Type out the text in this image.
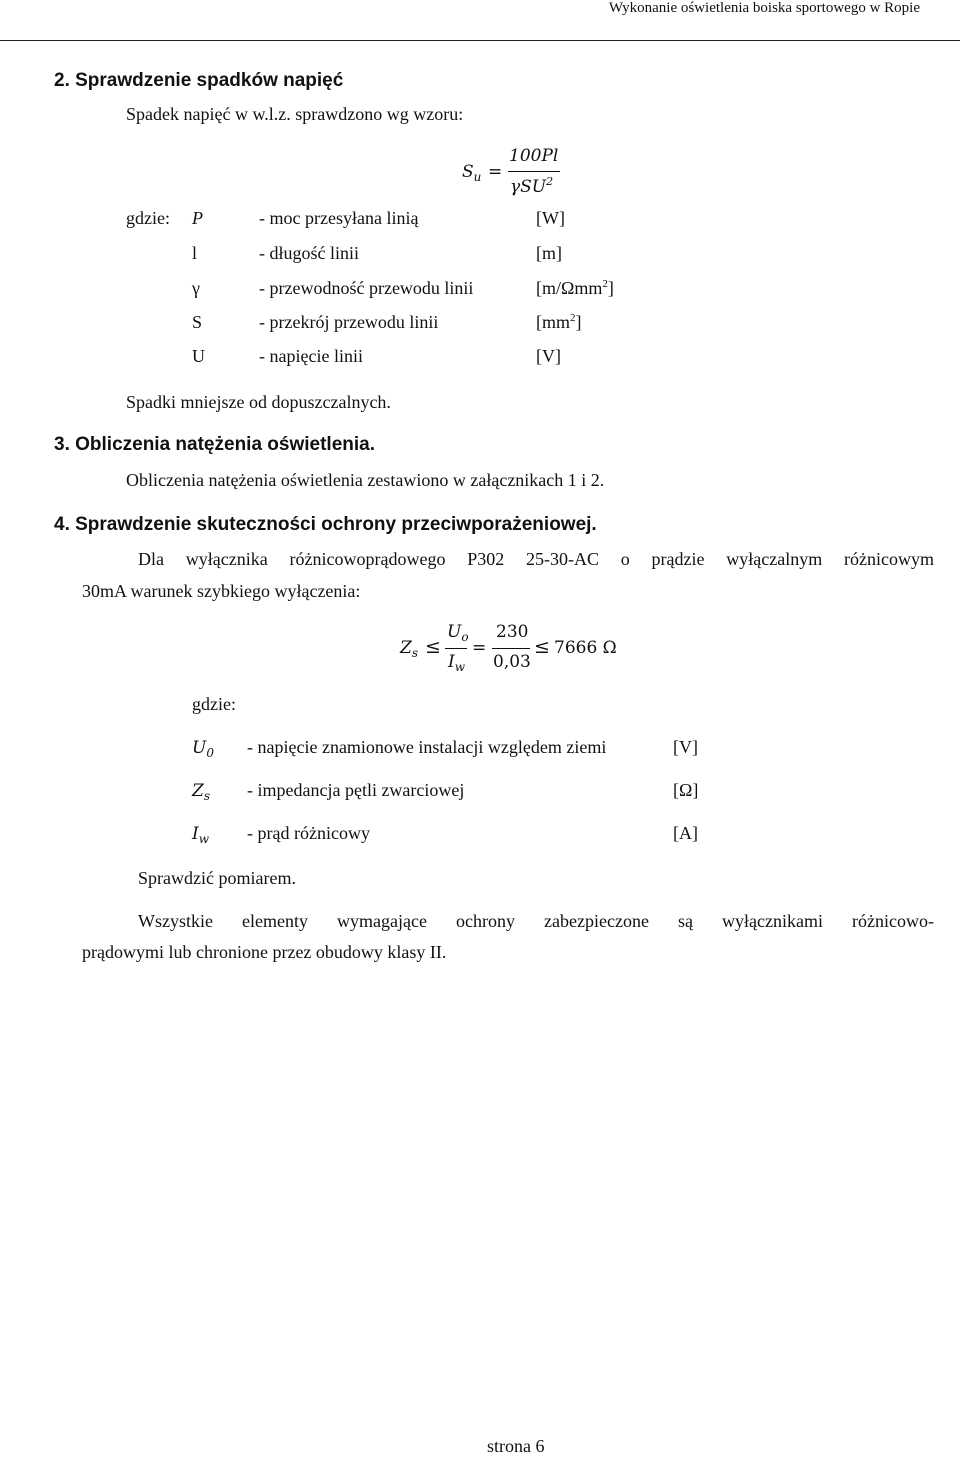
Wykonanie oświetlenia boiska sportowego w Ropie
2. Sprawdzenie spadków napięć
Spadek napięć w w.l.z. sprawdzono wg wzoru:
$S_u$ =
100Pl
γSU$^2$
gdzie: P	- moc przesyłana linią	[W]
l	- długość linii	[m]
γ	- przewodność przewodu linii	[m/Ωmm$^2$]
S	- przekrój przewodu linii	$[mm^2]$
U	- napięcie linii	[V]
Spadki mniejsze od dopuszczalnych.
3. Obliczenia natężenia oświetlenia.
Obliczenia natężenia oświetlenia zestawiono w załącznikach 1 i 2.
4. Sprawdzenie skuteczności ochrony przeciwporażeniowej.
Dla wyłącznika różnicowoprądowego P302 25-30-AC o prądzie wyłączalnym różnicowym
30mA warunek szybkiego wyłączenia:
$Z_s$ ≤
$U_o$
$I_w$
=
230
0,03
≤ 7666 Ω
gdzie:
$U_0$ - napięcie znamionowe instalacji względem ziemi	[V]
$Z_s$ - impedancja pętli zwarciowej	[Ω]
$I_w$ - prąd różnicowy	[A]
Sprawdzić pomiarem.
Wszystkie elementy wymagające ochrony zabezpieczone są wyłącznikami różnicowo-
prądowymi lub chronione przez obudowy klasy II.
strona 6
